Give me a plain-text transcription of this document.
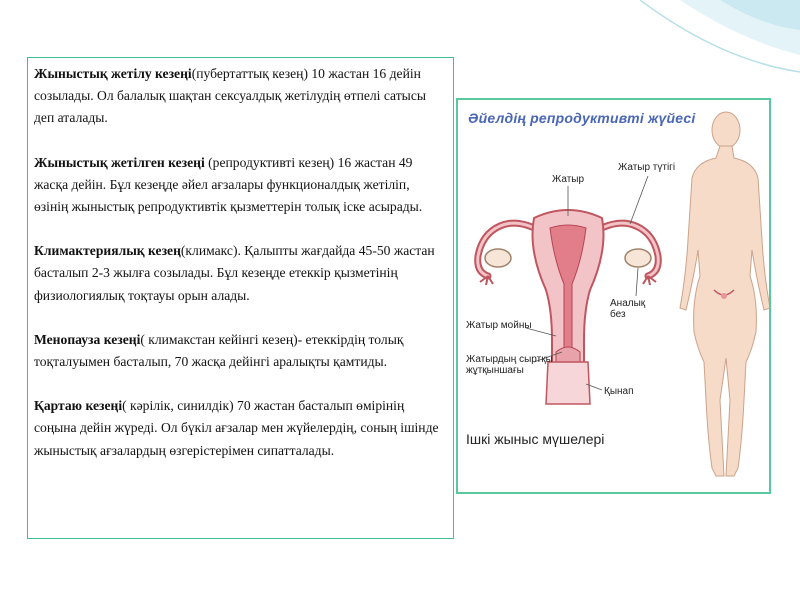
Жыныстық жетілу кезеңі(пубертаттық кезең) 10 жастан 16 дейін созылады. Ол балалық шақтан сексуалдық жетілудің өтпелі сатысы деп аталады.

Жыныстық жетілген кезеңі (репродуктивті кезең) 16 жастан 49 жасқа дейін. Бұл кезеңде әйел ағзалары функционалдық жетіліп, өзінің жыныстық репродуктивтік қызметтерін толық іске асырады.

Климактериялық кезең(климакс). Қалыпты жағдайда 45-50 жастан басталып 2-3 жылға созылады. Бұл кезеңде етеккір қызметінің физиологиялық тоқтауы орын алады.

Менопауза кезеңі( климакстан кейінгі кезең)- етеккірдің толық тоқталуымен басталып, 70 жасқа дейінгі аралықты қамтиды.

Қартаю кезеңі( кәрілік, синилдік) 70 жастан басталып өмірінің соңына дейін жүреді. Ол бүкіл ағзалар мен жүйелердің, соның ішінде жыныстық ағзалардың өзгерістерімен сипатталады.

Әйелдің репродуктивті жүйесі
Жатыр
Жатыр түтігі
Аналық
без
Жатыр мойны
Жатырдың сыртқы
жұтқыншағы
Қынап
Ішкі жыныс мүшелері
